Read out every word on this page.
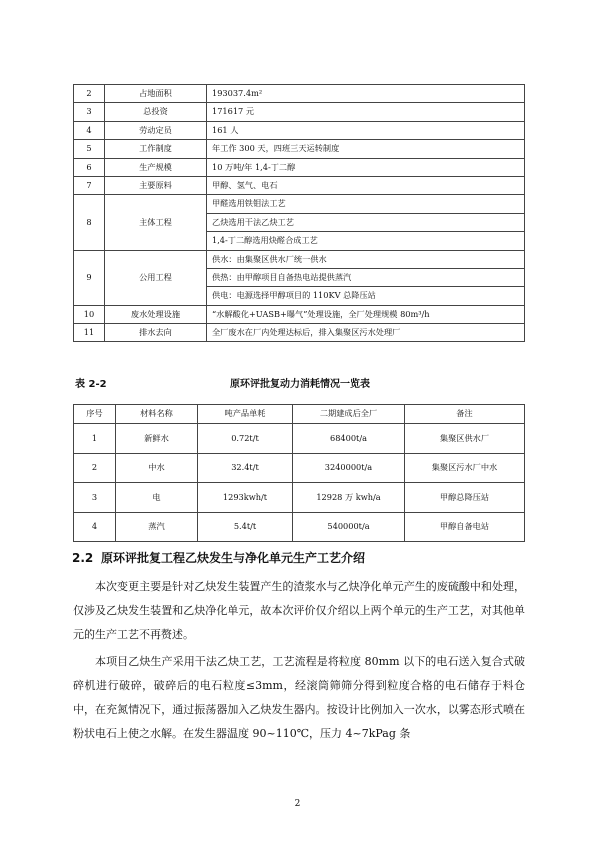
2	占地面积	193037.4m²
3	总投资	171617 元
4	劳动定员	161 人
5	工作制度	年工作 300 天，四班三天运转制度
6	生产规模	10 万吨/年 1,4-丁二醇
7	主要原料	甲醇、氢气、电石
8	主体工程	甲醛选用铁钼法工艺
		乙炔选用干法乙炔工艺
		1,4-丁二醇选用炔醛合成工艺
9	公用工程	供水：由集聚区供水厂统一供水
		供热：由甲醇项目自备热电站提供蒸汽
		供电：电源选择甲醇项目的 110KV 总降压站
10	废水处理设施	“水解酸化+UASB+曝气”处理设施，全厂处理规模 80m³/h
11	排水去向	全厂废水在厂内处理达标后，排入集聚区污水处理厂
表 2-2	原环评批复动力消耗情况一览表
序号	材料名称	吨产品单耗	二期建成后全厂	备注
1	新鲜水	0.72t/t	68400t/a	集聚区供水厂
2	中水	32.4t/t	3240000t/a	集聚区污水厂中水
3	电	1293kwh/t	12928 万 kwh/a	甲醇总降压站
4	蒸汽	5.4t/t	540000t/a	甲醇自备电站
2.2 原环评批复工程乙炔发生与净化单元生产工艺介绍

本次变更主要是针对乙炔发生装置产生的渣浆水与乙炔净化单元产生的废硫酸中和处理，仅涉及乙炔发生装置和乙炔净化单元，故本次评价仅介绍以上两个单元的生产工艺，对其他单元的生产工艺不再赘述。

本项目乙炔生产采用干法乙炔工艺，工艺流程是将粒度 80mm 以下的电石送入复合式破碎机进行破碎，破碎后的电石粒度≤3mm，经滚筒筛筛分得到粒度合格的电石储存于料仓中，在充氮情况下，通过振荡器加入乙炔发生器内。按设计比例加入一次水，以雾态形式喷在粉状电石上使之水解。在发生器温度 90~110℃，压力 4~7kPag 条

2
